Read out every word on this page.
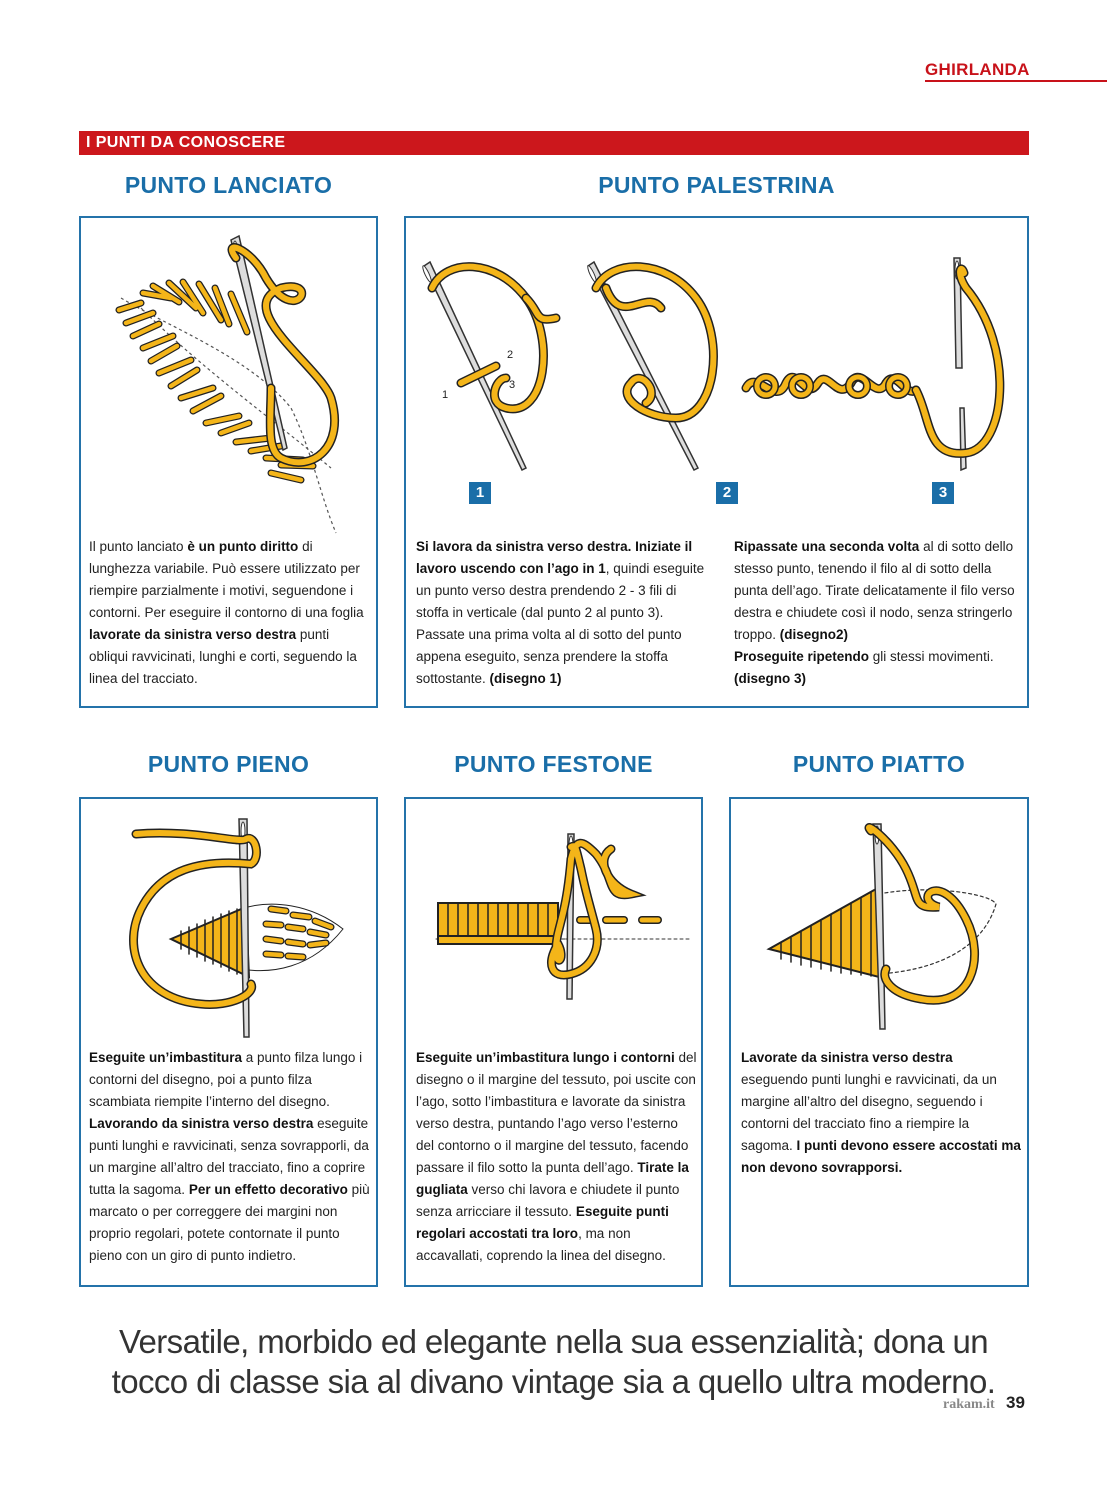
GHIRLANDA
I PUNTI DA CONOSCERE
PUNTO LANCIATO	PUNTO PALESTRINA
Il punto lanciato è un punto diritto di lunghezza variabile. Può essere utilizzato per riempire parzialmente i motivi, seguendone i contorni. Per eseguire il contorno di una foglia lavorate da sinistra verso destra punti obliqui ravvicinati, lunghi e corti, seguendo la linea del tracciato.
1
2
3
1	2	3
Si lavora da sinistra verso destra. Iniziate il lavoro uscendo con l’ago in 1, quindi eseguite un punto verso destra prendendo 2 - 3 fili di stoffa in verticale (dal punto 2 al punto 3). Passate una prima volta al di sotto del punto appena eseguito, senza prendere la stoffa sottostante. (disegno 1)
Ripassate una seconda volta al di sotto dello stesso punto, tenendo il filo al di sotto della punta dell’ago. Tirate delicatamente il filo verso destra e chiudete così il nodo, senza stringerlo troppo. (disegno2)
Proseguite ripetendo gli stessi movimenti. (disegno 3)
PUNTO PIENO	PUNTO FESTONE	PUNTO PIATTO
Eseguite un’imbastitura a punto filza lungo i contorni del disegno, poi a punto filza scambiata riempite l’interno del disegno. Lavorando da sinistra verso destra eseguite punti lunghi e ravvicinati, senza sovrapporli, da un margine all’altro del tracciato, fino a coprire tutta la sagoma. Per un effetto decorativo più marcato o per correggere dei margini non proprio regolari, potete contornate il punto pieno con un giro di punto indietro.
Eseguite un’imbastitura lungo i contorni del disegno o il margine del tessuto, poi uscite con l’ago, sotto l’imbastitura e lavorate da sinistra verso destra, puntando l’ago verso l’esterno del contorno o il margine del tessuto, facendo passare il filo sotto la punta dell’ago. Tirate la gugliata verso chi lavora e chiudete il punto senza arricciare il tessuto. Eseguite punti regolari accostati tra loro, ma non accavallati, coprendo la linea del disegno.
Lavorate da sinistra verso destra eseguendo punti lunghi e ravvicinati, da un margine all’altro del disegno, seguendo i contorni del tracciato fino a riempire la sagoma. I punti devono essere accostati ma non devono sovrapporsi.
Versatile, morbido ed elegante nella sua essenzialità; dona un
tocco di classe sia al divano vintage sia a quello ultra moderno.
rakam.it 39
